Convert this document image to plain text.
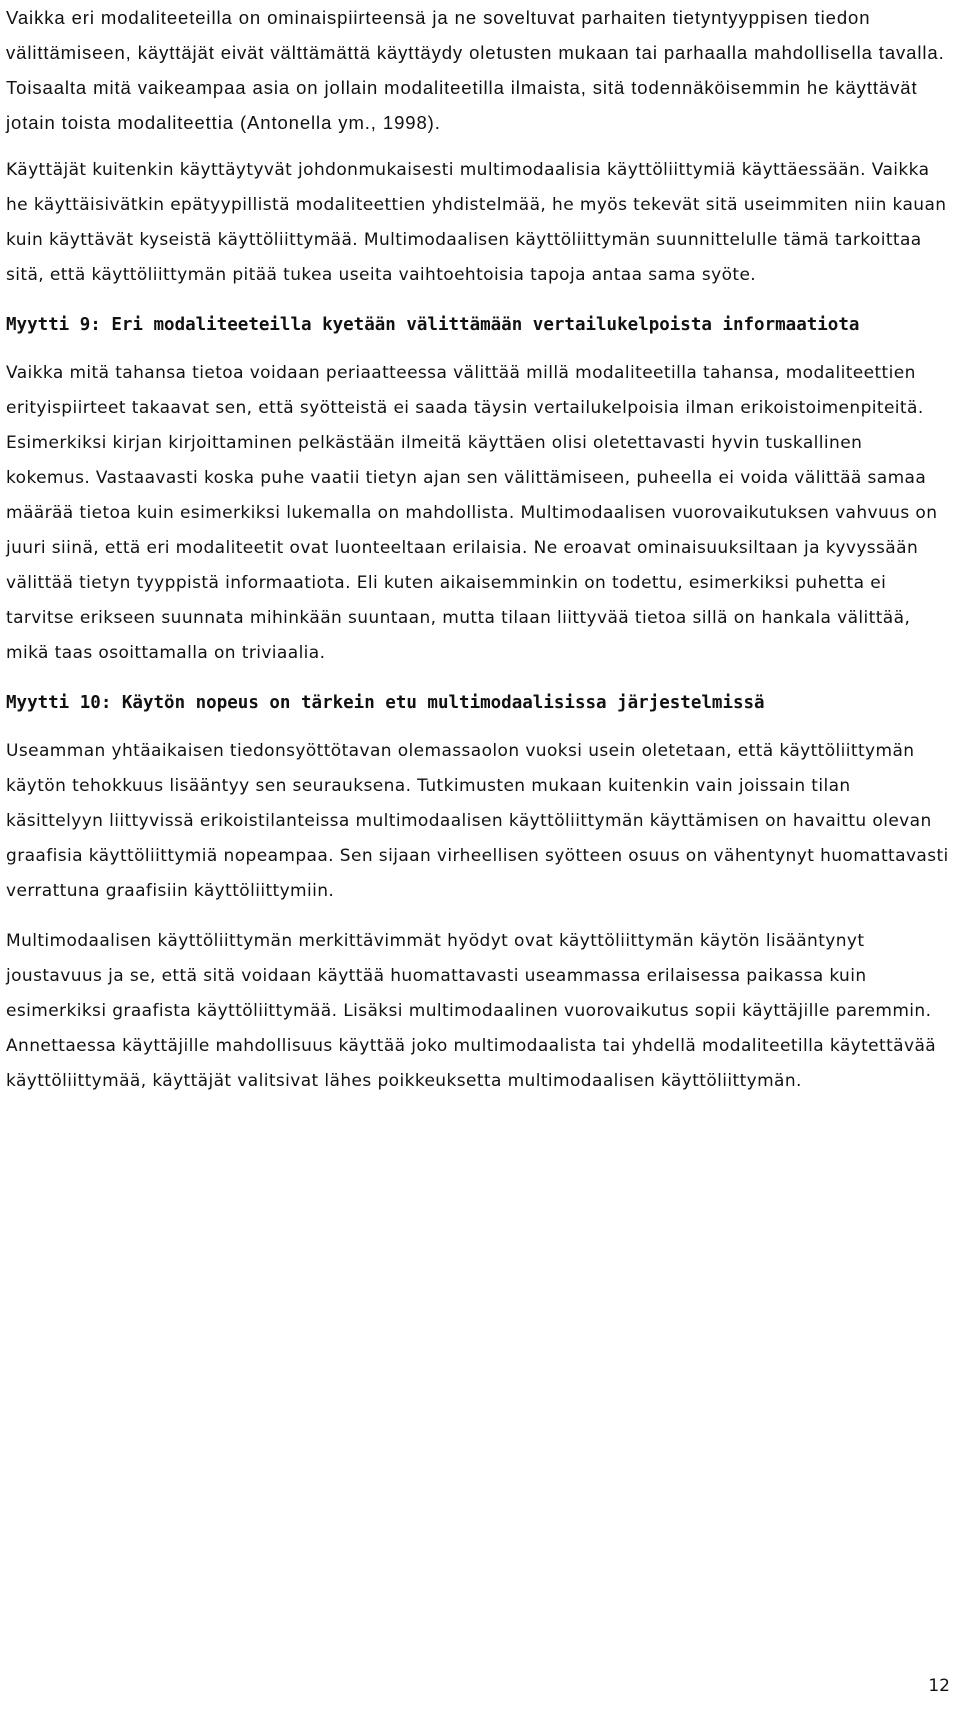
Vaikka eri modaliteeteilla on ominaispiirteensä ja ne soveltuvat parhaiten tietyntyyppisen tiedon välittämiseen, käyttäjät eivät välttämättä käyttäydy oletusten mukaan tai parhaalla mahdollisella tavalla. Toisaalta mitä vaikeampaa asia on jollain modaliteetilla ilmaista, sitä todennäköisemmin he käyttävät jotain toista modaliteettia (Antonella ym., 1998).

Käyttäjät kuitenkin käyttäytyvät johdonmukaisesti multimodaalisia käyttöliittymiä käyttäessään. Vaikka he käyttäisivätkin epätyypillistä modaliteettien yhdistelmää, he myös tekevät sitä useimmiten niin kauan kuin käyttävät kyseistä käyttöliittymää. Multimodaalisen käyttöliittymän suunnittelulle tämä tarkoittaa sitä, että käyttöliittymän pitää tukea useita vaihtoehtoisia tapoja antaa sama syöte.

Myytti 9: Eri modaliteeteilla kyetään välittämään vertailukelpoista informaatiota

Vaikka mitä tahansa tietoa voidaan periaatteessa välittää millä modaliteetilla tahansa, modaliteettien erityispiirteet takaavat sen, että syötteistä ei saada täysin vertailukelpoisia ilman erikoistoimenpiteitä. Esimerkiksi kirjan kirjoittaminen pelkästään ilmeitä käyttäen olisi oletettavasti hyvin tuskallinen kokemus. Vastaavasti koska puhe vaatii tietyn ajan sen välittämiseen, puheella ei voida välittää samaa määrää tietoa kuin esimerkiksi lukemalla on mahdollista. Multimodaalisen vuorovaikutuksen vahvuus on juuri siinä, että eri modaliteetit ovat luonteeltaan erilaisia. Ne eroavat ominaisuuksiltaan ja kyvyssään välittää tietyn tyyppistä informaatiota. Eli kuten aikaisemminkin on todettu, esimerkiksi puhetta ei tarvitse erikseen suunnata mihinkään suuntaan, mutta tilaan liittyvää tietoa sillä on hankala välittää, mikä taas osoittamalla on triviaalia.

Myytti 10: Käytön nopeus on tärkein etu multimodaalisissa järjestelmissä

Useamman yhtäaikaisen tiedonsyöttötavan olemassaolon vuoksi usein oletetaan, että käyttöliittymän käytön tehokkuus lisääntyy sen seurauksena. Tutkimusten mukaan kuitenkin vain joissain tilan käsittelyyn liittyvissä erikoistilanteissa multimodaalisen käyttöliittymän käyttämisen on havaittu olevan graafisia käyttöliittymiä nopeampaa. Sen sijaan virheellisen syötteen osuus on vähentynyt huomattavasti verrattuna graafisiin käyttöliittymiin.

Multimodaalisen käyttöliittymän merkittävimmät hyödyt ovat käyttöliittymän käytön lisääntynyt joustavuus ja se, että sitä voidaan käyttää huomattavasti useammassa erilaisessa paikassa kuin esimerkiksi graafista käyttöliittymää. Lisäksi multimodaalinen vuorovaikutus sopii käyttäjille paremmin. Annettaessa käyttäjille mahdollisuus käyttää joko multimodaalista tai yhdellä modaliteetilla käytettävää käyttöliittymää, käyttäjät valitsivat lähes poikkeuksetta multimodaalisen käyttöliittymän.

12
